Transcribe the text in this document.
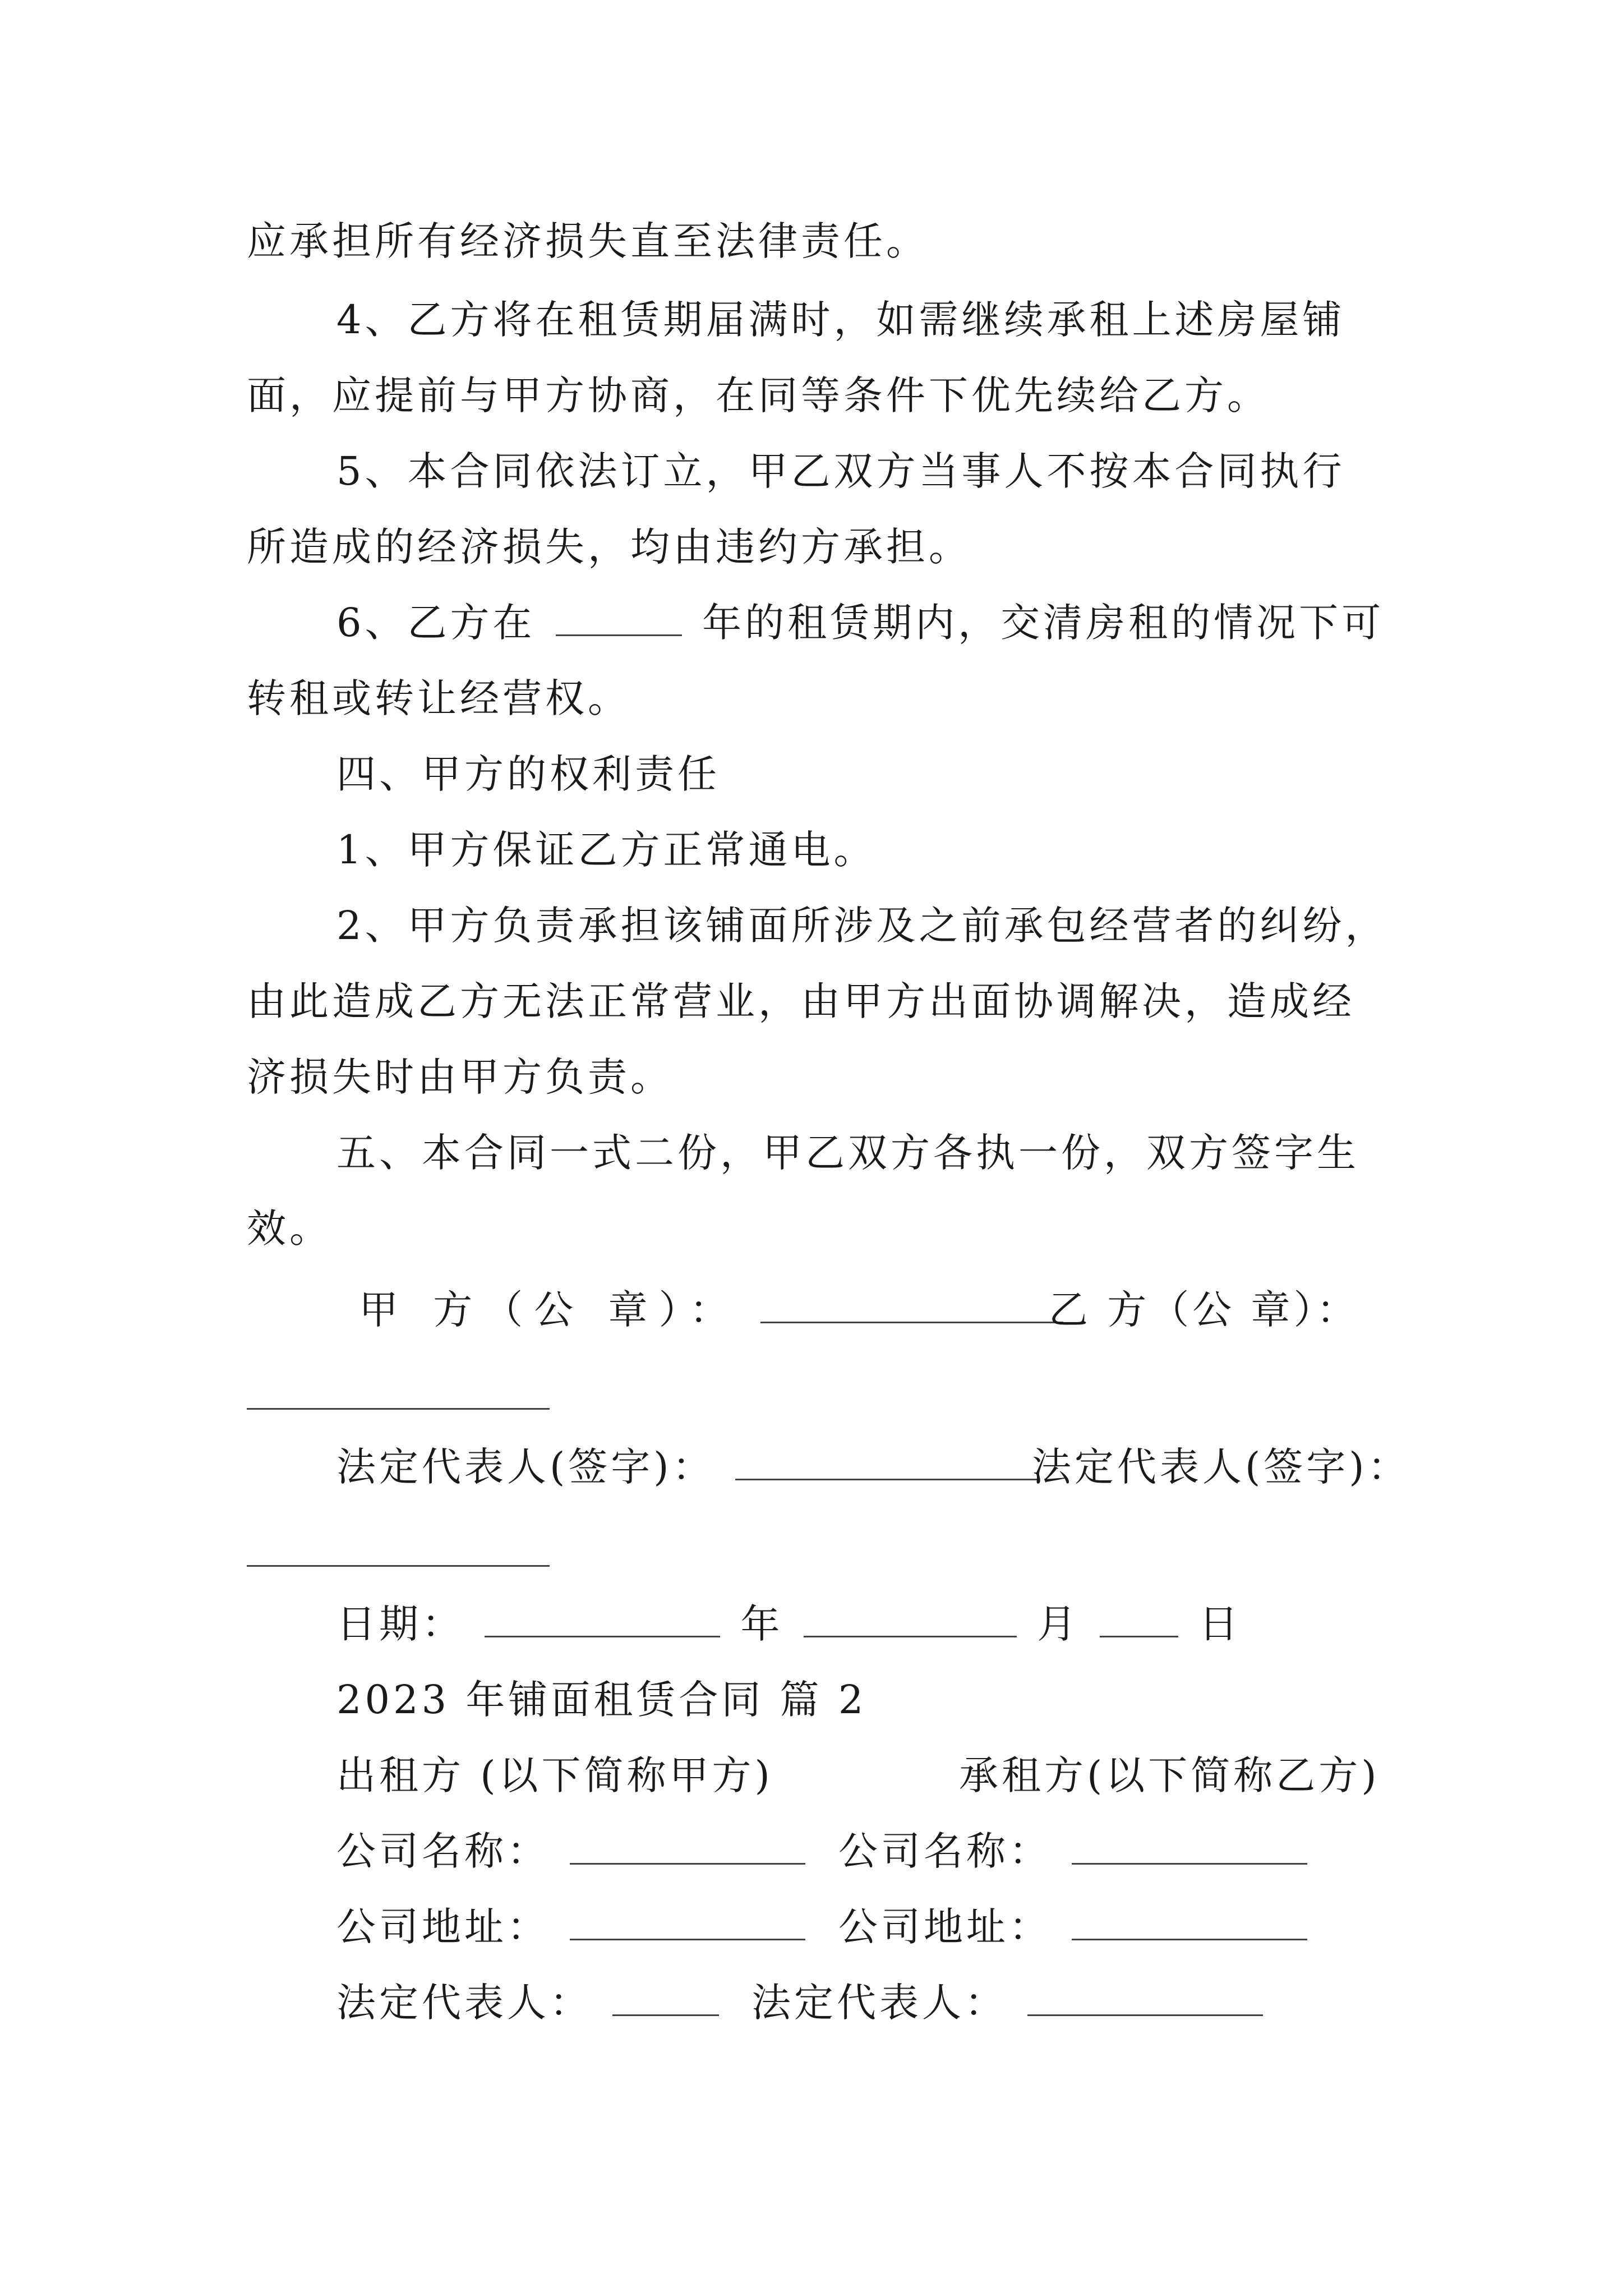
应承担所有经济损失直至法律责任。
4、乙方将在租赁期届满时，如需继续承租上述房屋铺
面，应提前与甲方协商，在同等条件下优先续给乙方。
5、本合同依法订立，甲乙双方当事人不按本合同执行
所造成的经济损失，均由违约方承担。
6、乙方在	年的租赁期内，交清房租的情况下可
转租或转让经营权。
四、甲方的权利责任
1、甲方保证乙方正常通电。
2、甲方负责承担该铺面所涉及之前承包经营者的纠纷，
由此造成乙方无法正常营业，由甲方出面协调解决，造成经
济损失时由甲方负责。
五、本合同一式二份，甲乙双方各执一份，双方签字生
效。
甲 方（公 章）：	乙 方（公 章）：
法定代表人(签字)：	法定代表人(签字)：
日期：	年	月	日
2023 年铺面租赁合同 篇 2
出租方 (以下简称甲方)	承租方(以下简称乙方)
公司名称：	公司名称：
公司地址：	公司地址：
法定代表人：	法定代表人：
